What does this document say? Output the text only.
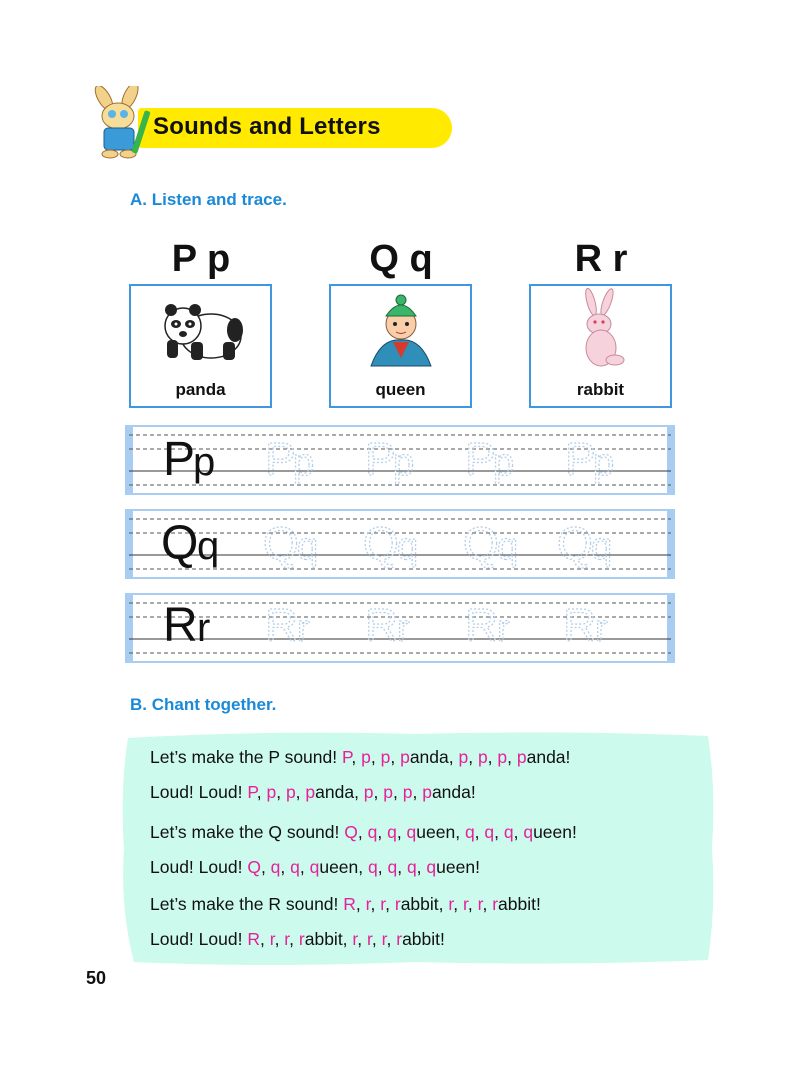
Sounds and Letters
A. Listen and trace.
P p	Q q	R r
panda	queen	rabbit
P
p P
p P
p P
p P
p
Q
q Q
q Q
q Q
q Q
q
R r R
r R
r R
r R
r
B. Chant together.
Let’s make the P sound! P, p, p, panda, p, p, p, panda!
Loud! Loud! P, p, p, panda, p, p, p, panda!
Let’s make the Q sound! Q, q, q, queen, q, q, q, queen!
Loud! Loud! Q, q, q, queen, q, q, q, queen!
Let’s make the R sound! R, r, r, rabbit, r, r, r, rabbit!
Loud! Loud! R, r, r, rabbit, r, r, r, rabbit!
50
